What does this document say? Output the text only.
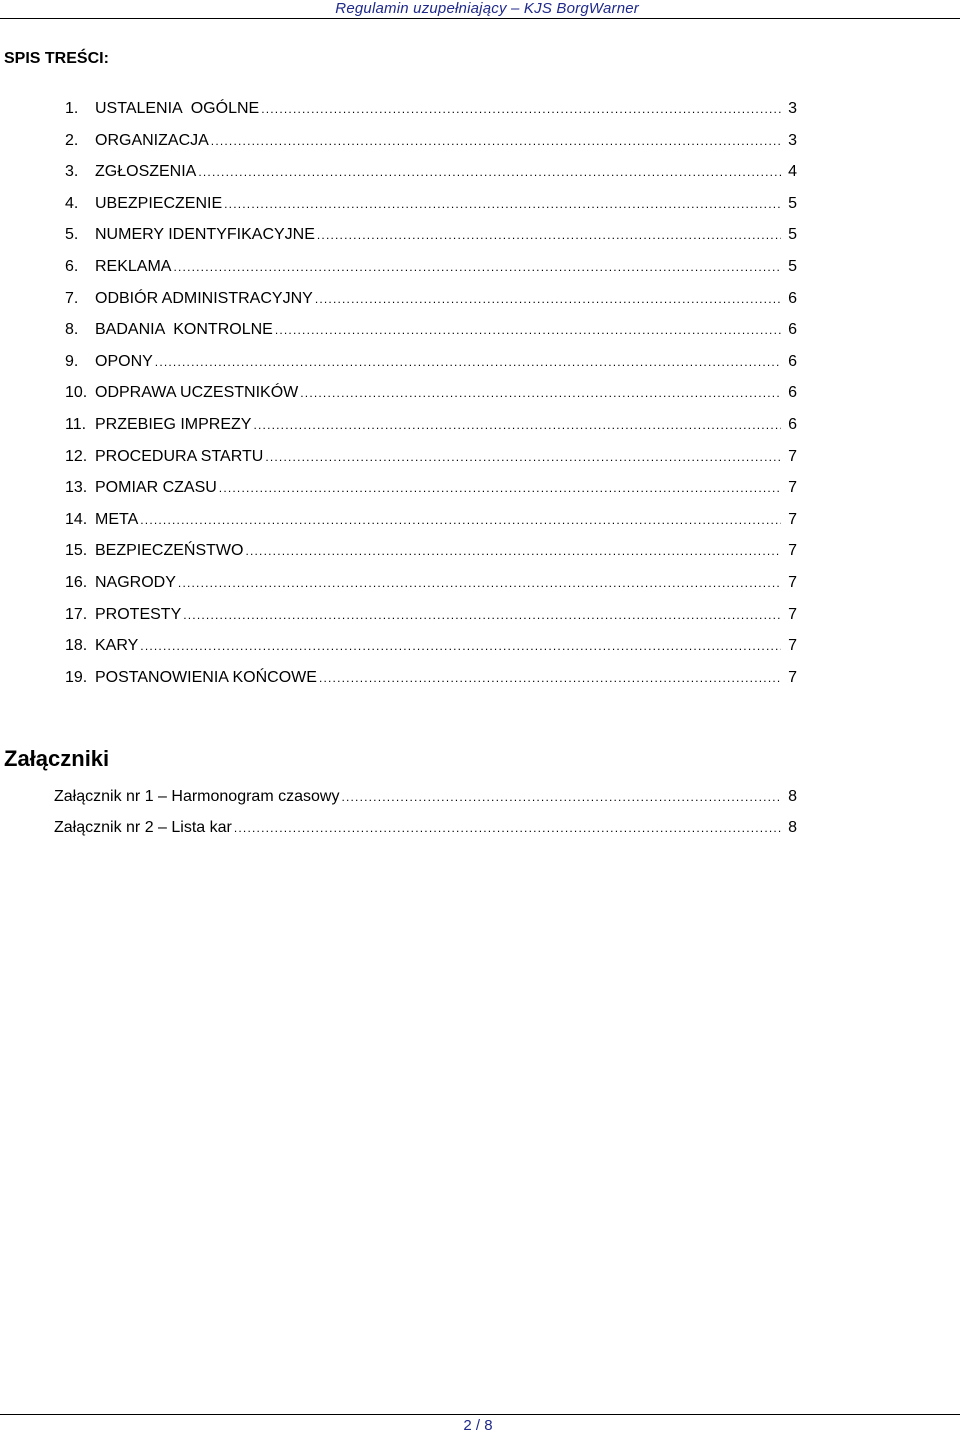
Regulamin uzupełniający – KJS BorgWarner
SPIS TREŚCI:
1.	USTALENIA  OGÓLNE .....	3
2.	ORGANIZACJA .....	3
3.	ZGŁOSZENIA .....	4
4.	UBEZPIECZENIE .....	5
5.	NUMERY IDENTYFIKACYJNE .....	5
6.	REKLAMA .....	5
7.	ODBIÓR ADMINISTRACYJNY .....	6
8.	BADANIA  KONTROLNE .....	6
9.	OPONY .....	6
10. ODPRAWA UCZESTNIKÓW .....	6
11. PRZEBIEG IMPREZY .....	6
12. PROCEDURA STARTU .....	7
13. POMIAR CZASU .....	7
14. META .....	7
15. BEZPIECZEŃSTWO .....	7
16. NAGRODY .....	7
17. PROTESTY .....	7
18. KARY .....	7
19. POSTANOWIENIA KOŃCOWE .....	7
Załączniki
Załącznik nr 1 – Harmonogram czasowy .....	8
Załącznik nr 2 – Lista kar .....	8
2 / 8
